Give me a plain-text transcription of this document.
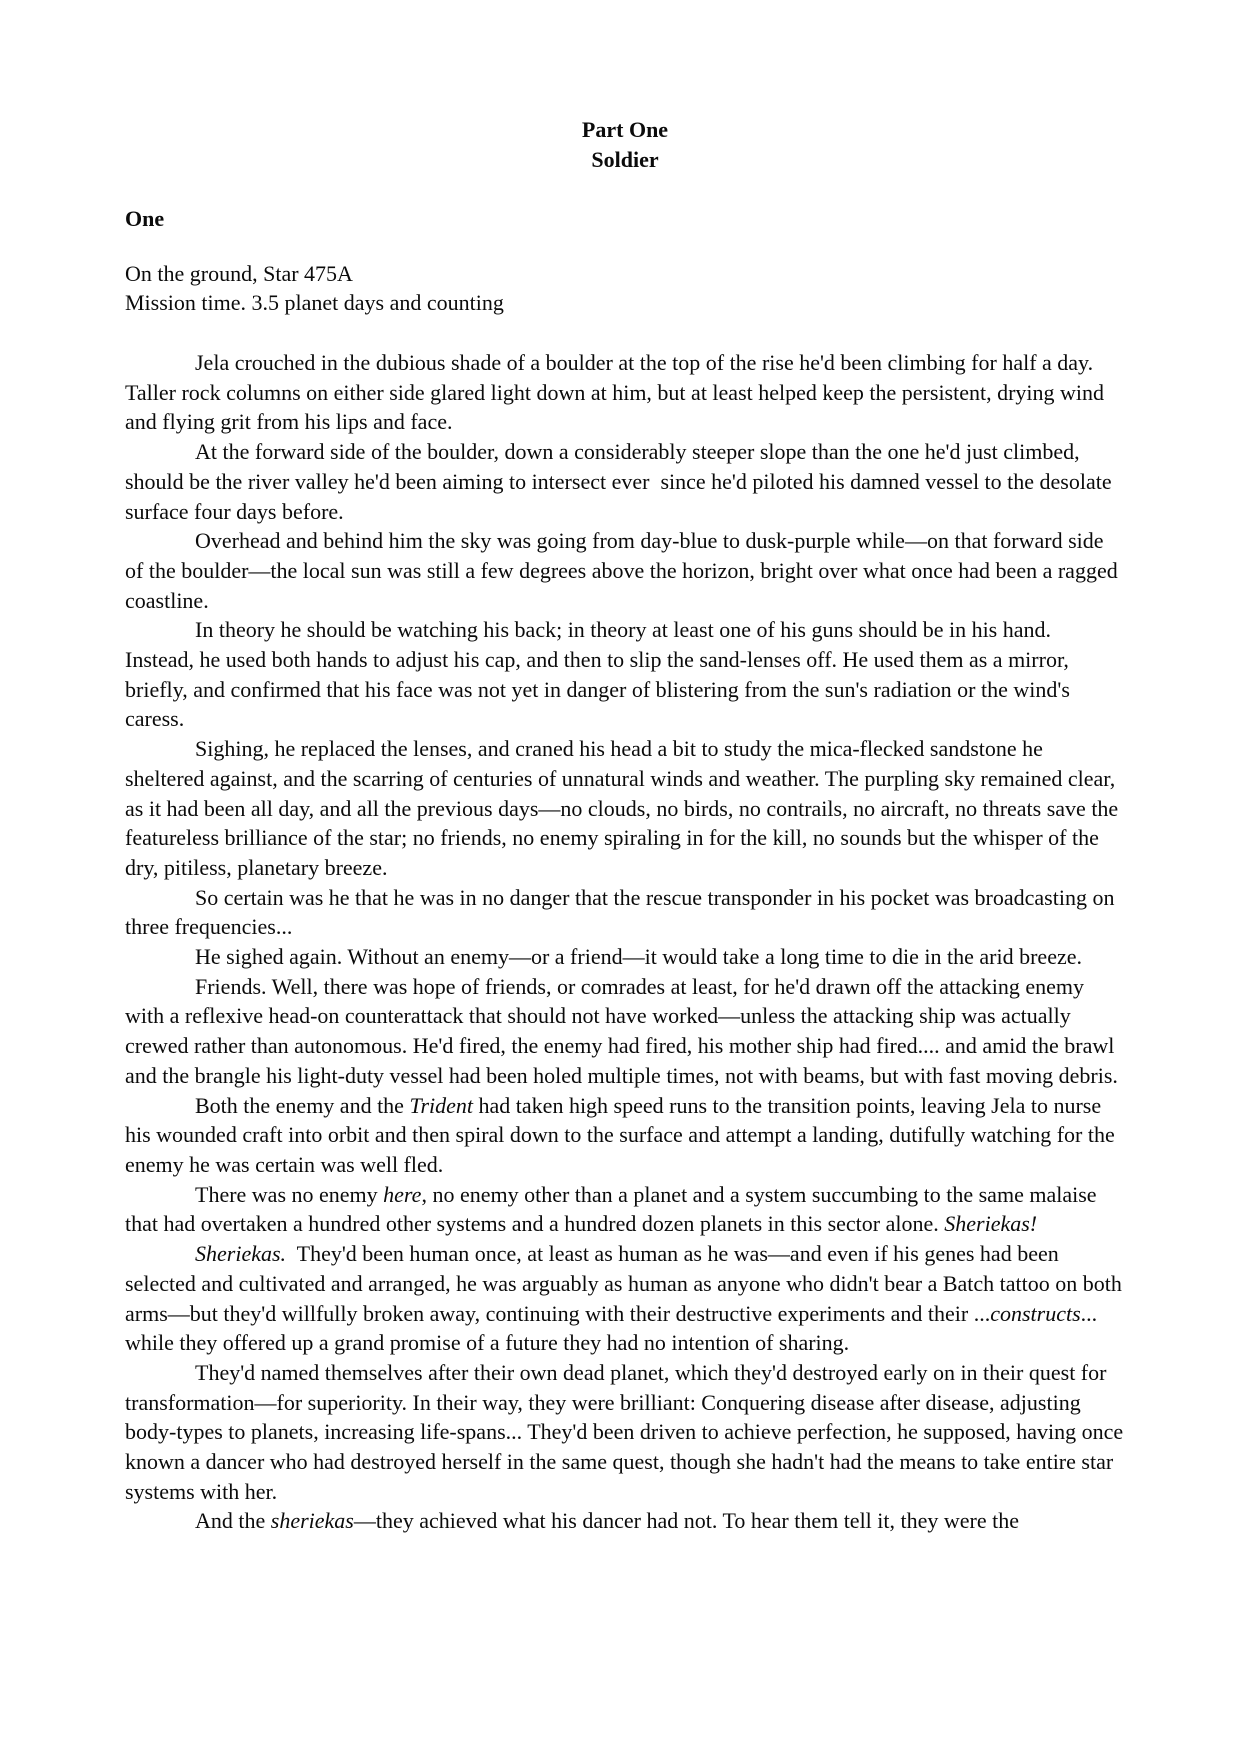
Part One
Soldier
One
On the ground, Star 475A
Mission time. 3.5 planet days and counting

Jela crouched in the dubious shade of a boulder at the top of the rise he'd been climbing for half a day. Taller rock columns on either side glared light down at him, but at least helped keep the persistent, drying wind and flying grit from his lips and face.

At the forward side of the boulder, down a considerably steeper slope than the one he'd just climbed, should be the river valley he'd been aiming to intersect ever  since he'd piloted his damned vessel to the desolate surface four days before.

Overhead and behind him the sky was going from day-blue to dusk-purple while—on that forward side of the boulder—the local sun was still a few degrees above the horizon, bright over what once had been a ragged coastline.

In theory he should be watching his back; in theory at least one of his guns should be in his hand. Instead, he used both hands to adjust his cap, and then to slip the sand-lenses off. He used them as a mirror, briefly, and confirmed that his face was not yet in danger of blistering from the sun's radiation or the wind's caress.

Sighing, he replaced the lenses, and craned his head a bit to study the mica-flecked sandstone he sheltered against, and the scarring of centuries of unnatural winds and weather. The purpling sky remained clear, as it had been all day, and all the previous days—no clouds, no birds, no contrails, no aircraft, no threats save the featureless brilliance of the star; no friends, no enemy spiraling in for the kill, no sounds but the whisper of the dry, pitiless, planetary breeze.

So certain was he that he was in no danger that the rescue transponder in his pocket was broadcasting on three frequencies...

He sighed again. Without an enemy—or a friend—it would take a long time to die in the arid breeze.

Friends. Well, there was hope of friends, or comrades at least, for he'd drawn off the attacking enemy with a reflexive head-on counterattack that should not have worked—unless the attacking ship was actually crewed rather than autonomous. He'd fired, the enemy had fired, his mother ship had fired.... and amid the brawl and the brangle his light-duty vessel had been holed multiple times, not with beams, but with fast moving debris.

Both the enemy and the Trident had taken high speed runs to the transition points, leaving Jela to nurse his wounded craft into orbit and then spiral down to the surface and attempt a landing, dutifully watching for the enemy he was certain was well fled.

There was no enemy here, no enemy other than a planet and a system succumbing to the same malaise that had overtaken a hundred other systems and a hundred dozen planets in this sector alone. Sheriekas!

Sheriekas.  They'd been human once, at least as human as he was—and even if his genes had been selected and cultivated and arranged, he was arguably as human as anyone who didn't bear a Batch tattoo on both arms—but they'd willfully broken away, continuing with their destructive experiments and their ...constructs... while they offered up a grand promise of a future they had no intention of sharing.

They'd named themselves after their own dead planet, which they'd destroyed early on in their quest for transformation—for superiority. In their way, they were brilliant: Conquering disease after disease, adjusting body-types to planets, increasing life-spans... They'd been driven to achieve perfection, he supposed, having once known a dancer who had destroyed herself in the same quest, though she hadn't had the means to take entire star systems with her.

And the sheriekas—they achieved what his dancer had not. To hear them tell it, they were the
